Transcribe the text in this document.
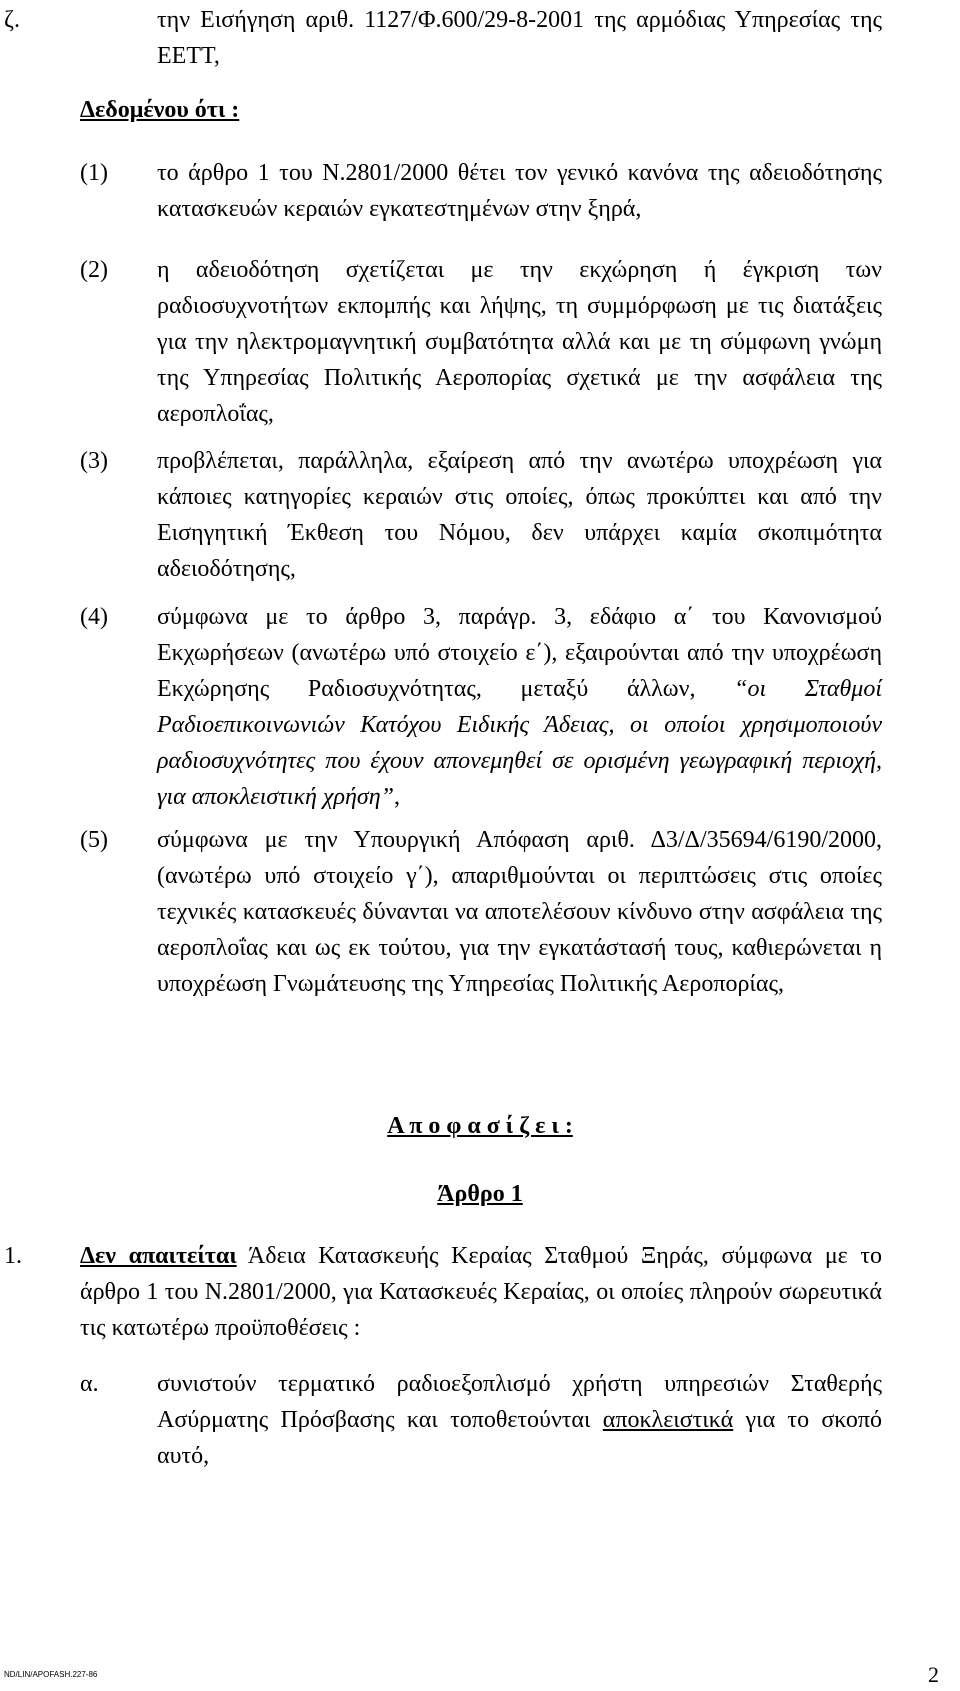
ζ.	την Εισήγηση αριθ. 1127/Φ.600/29-8-2001 της αρμόδιας Υπηρεσίας της ΕΕΤΤ,
Δεδομένου ότι :
(1) το άρθρο 1 του Ν.2801/2000 θέτει τον γενικό κανόνα της αδειοδότησης κατασκευών κεραιών εγκατεστημένων στην ξηρά,
(2) η αδειοδότηση σχετίζεται με την εκχώρηση ή έγκριση των ραδιοσυχνοτήτων εκπομπής και λήψης, τη συμμόρφωση με τις διατάξεις για την ηλεκτρομαγνητική συμβατότητα αλλά και με τη σύμφωνη γνώμη της Υπηρεσίας Πολιτικής Αεροπορίας σχετικά με την ασφάλεια της αεροπλοΐας,
(3) προβλέπεται, παράλληλα, εξαίρεση από την ανωτέρω υποχρέωση για κάποιες κατηγορίες κεραιών στις οποίες, όπως προκύπτει και από την Εισηγητική Έκθεση του Νόμου, δεν υπάρχει καμία σκοπιμότητα αδειοδότησης,
(4) σύμφωνα με το άρθρο 3, παράγρ. 3, εδάφιο α΄ του Κανονισμού Εκχωρήσεων (ανωτέρω υπό στοιχείο ε΄), εξαιρούνται από την υποχρέωση Εκχώρησης Ραδιοσυχνότητας, μεταξύ άλλων, “οι Σταθμοί Ραδιοεπικοινωνιών Κατόχου Ειδικής Άδειας, οι οποίοι χρησιμοποιούν ραδιοσυχνότητες που έχουν απονεμηθεί σε ορισμένη γεωγραφική περιοχή, για αποκλειστική χρήση”,
(5) σύμφωνα με την Υπουργική Απόφαση αριθ. Δ3/Δ/35694/6190/2000, (ανωτέρω υπό στοιχείο γ΄), απαριθμούνται οι περιπτώσεις στις οποίες τεχνικές κατασκευές δύνανται να αποτελέσουν κίνδυνο στην ασφάλεια της αεροπλοΐας και ως εκ τούτου, για την εγκατάστασή τους, καθιερώνεται η υποχρέωση Γνωμάτευσης της Υπηρεσίας Πολιτικής Αεροπορίας,
Α π ο φ α σ ί ζ ε ι :
Άρθρο 1
1. Δεν απαιτείται Άδεια Κατασκευής Κεραίας Σταθμού Ξηράς, σύμφωνα με το άρθρο 1 του Ν.2801/2000, για Κατασκευές Κεραίας, οι οποίες πληρούν σωρευτικά τις κατωτέρω προϋποθέσεις :
α. συνιστούν τερματικό ραδιοεξοπλισμό χρήστη υπηρεσιών Σταθερής Ασύρματης Πρόσβασης και τοποθετούνται αποκλειστικά για το σκοπό αυτό,
ND/LIN/APOFASH.227-86	2
